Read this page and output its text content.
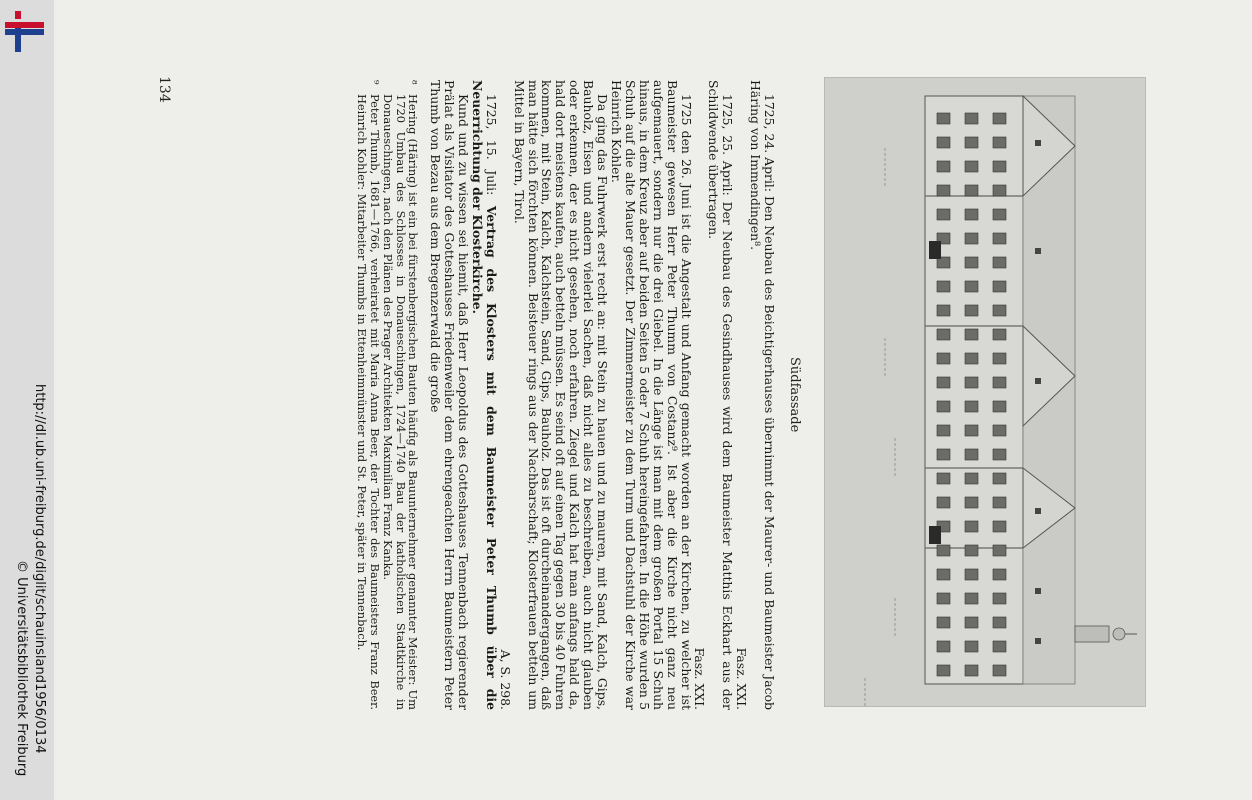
http://dl.ub.uni-freiburg.de/diglit/schauinsland1956/0134
© Universitätsbibliothek Freiburg
134

1725, 24. April: Den Neubau des Beichtigerhauses übernimmt der Maurer- und Baumeister Jacob Häring von Immendingen⁸.
Fasz. XXI.

1725, 25. April: Der Neubau des Gesindhauses wird dem Baumeister Matthis Eckhart aus der Schildwende übertragen.
Fasz. XXI.

1725 den 26. Juni ist die Angestalt und Anfang gemacht worden an der Kirchen, zu welcher ist Baumeister gewesen Herr Peter Thumm von Costanz⁹. Ist aber die Kirche nicht ganz neu aufgemauert, sondern nur die drei Giebel. In die Länge ist man mit dem großen Portal 15 Schuh hinaus, in dem Kreuz aber auf beiden Seiten 5 oder 7 Schuh hereingefahren. In die Höhe wurden 5 Schuh auf die alte Mauer gesetzt. Der Zimmermeister zu dem Turm und Dachstuhl der Kirche war Heinrich Kohler.

Da ging das Fuhrwerk erst recht an: mit Stein zu hauen und zu mauren, mit Sand, Kalch, Gips, Bauholz, Eisen und andern vielerlei Sachen, daß nicht alles zu beschreiben, auch nicht glauben oder erkennen, der es nicht gesehen, noch erfahren. Ziegel und Kalch hat man anfangs hald da, hald dort meistens kaufen, auch betteln müssen. Es seind oft auf einen Tag gegen 30 bis 40 Fuhren kommen, mit Stein, Kalch, Kalchstein, Sand, Gips, Bauholz. Das ist oft durcheinandergangen, daß man hätte sich förchten können. Beisteuer rings aus der Nachbarschaft; Klosterfrauen betteln um Mittel in Bayern, Tirol.
A, S. 298.

1725, 15. Juli: Vertrag des Klosters mit dem Baumeister Peter Thumb über die Neuerrichtung der Klosterkirche.

Kund und zu wissen sei hiemit, daß Herr Leopoldus des Gotteshauses Tennenbach regierender Prälat als Visitator des Gotteshauses Friedenweiler dem ehrengeachten Herrn Baumeistern Peter Thumb von Bezau aus dem Bregenzerwald die große

⁸
Hering (Häring) ist ein bei fürstenbergischen Bauten häufig als Bauunternehmer genannter Meister: Um 1720 Umbau des Schlosses in Donaueschingen, 1724—1740 Bau der katholischen Stadtkirche in Donaueschingen, nach den Plänen des Prager Architekten Maximilian Franz Kanka.

⁹
Peter Thumb, 1681—1766, verheiratet mit Maria Anna Beer, der Tochter des Baumeisters Franz Beer. Heinrich Kohler: Mitarbeiter Thumbs in Ettenheimmünster und St. Peter, später in Tennenbach.	Südfassade
